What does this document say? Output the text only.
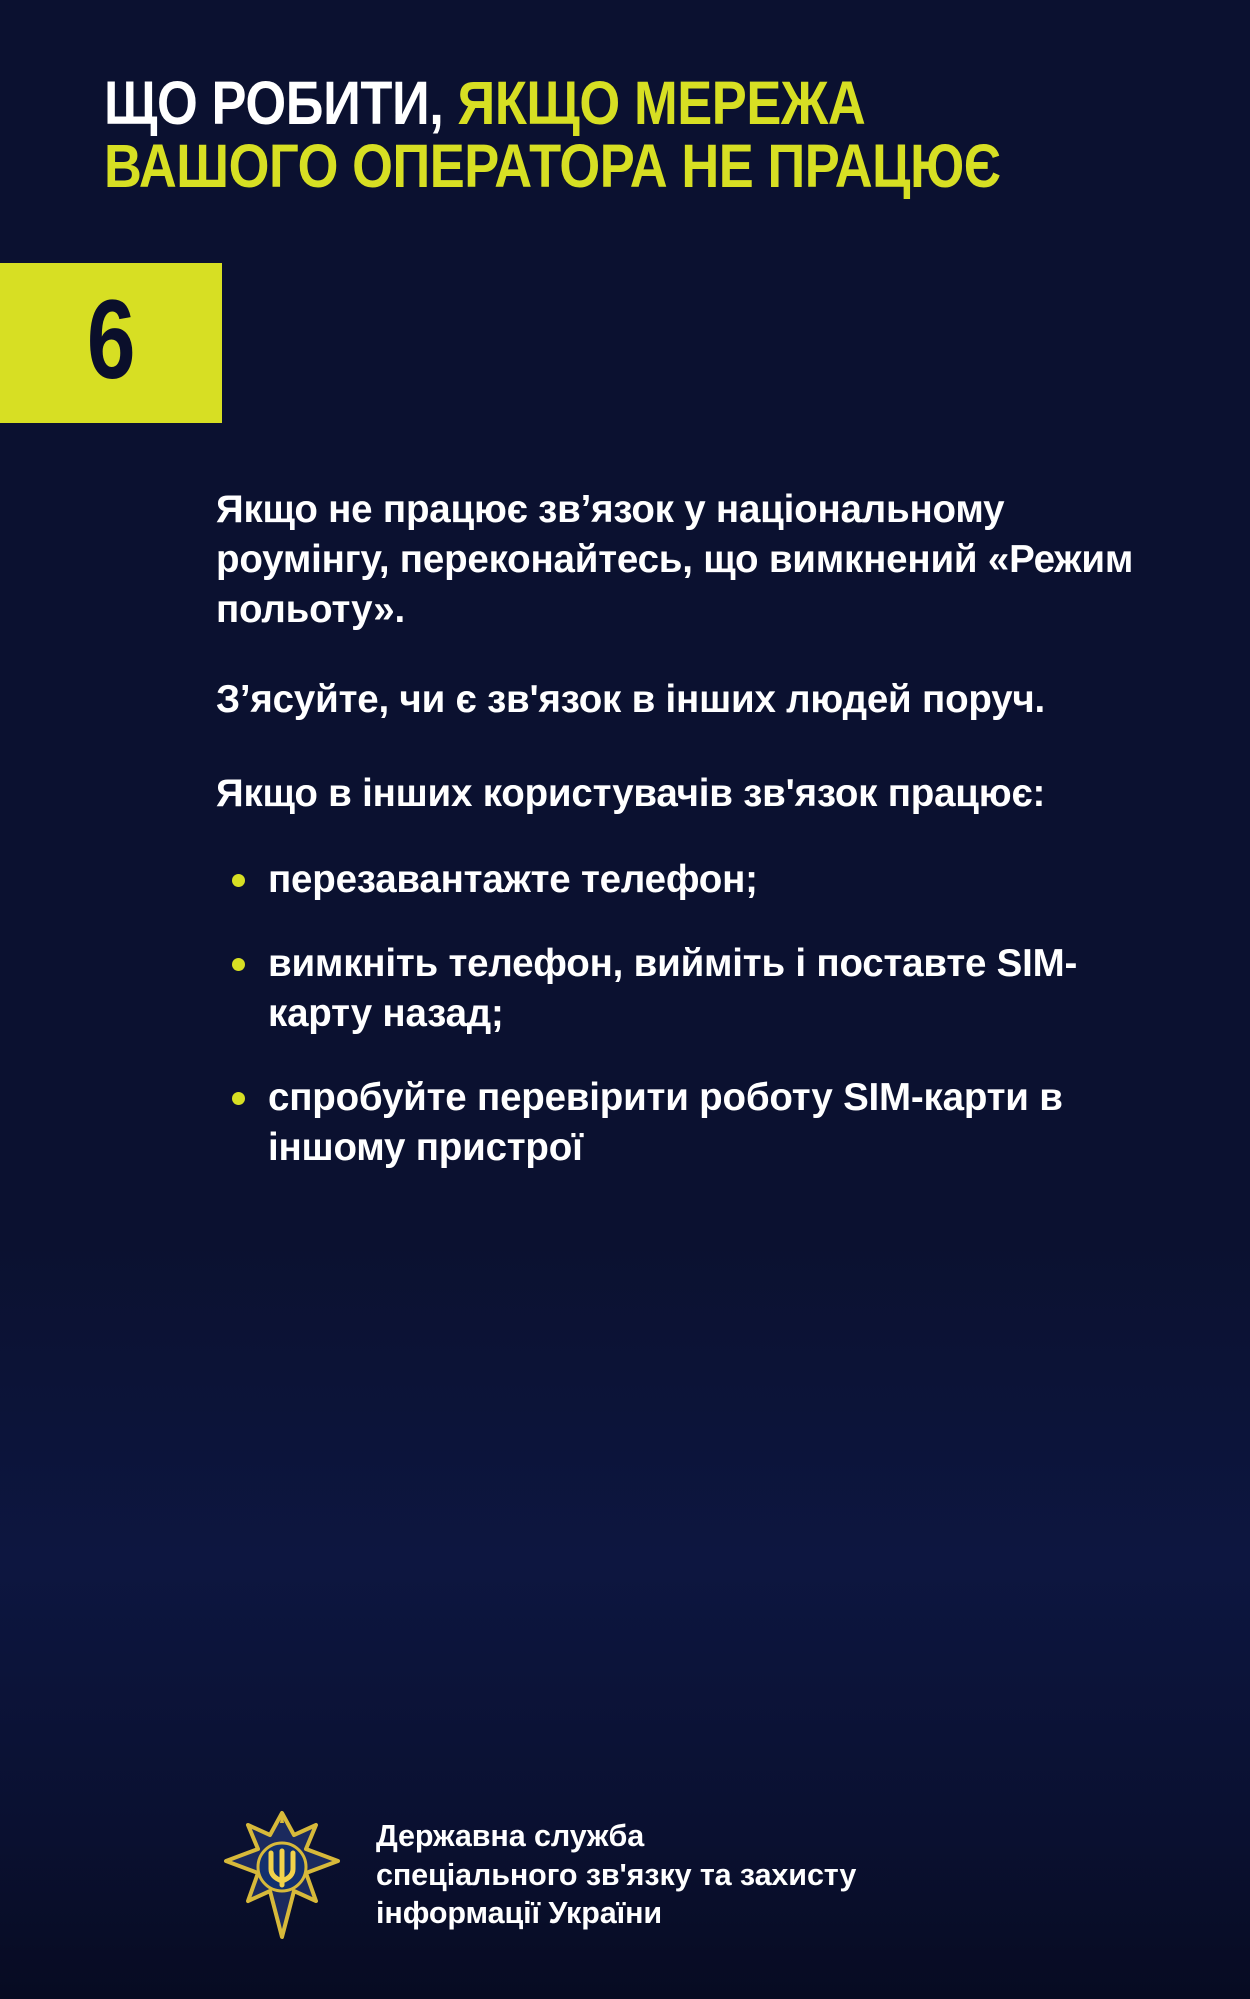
ЩО РОБИТИ, ЯКЩО МЕРЕЖА
ВАШОГО ОПЕРАТОРА НЕ ПРАЦЮЄ
6

Якщо не працює зв’язок у національному роумінгу, переконайтесь, що вимкнений «Режим польоту».

З’ясуйте, чи є зв'язок в інших людей поруч.

Якщо в інших користувачів зв'язок працює:

перезавантажте телефон;
вимкніть телефон, вийміть і поставте SIM-карту назад;
спробуйте перевірити роботу SIM-карти в іншому пристрої
Державна служба
спеціального зв'язку та захисту
інформації України
